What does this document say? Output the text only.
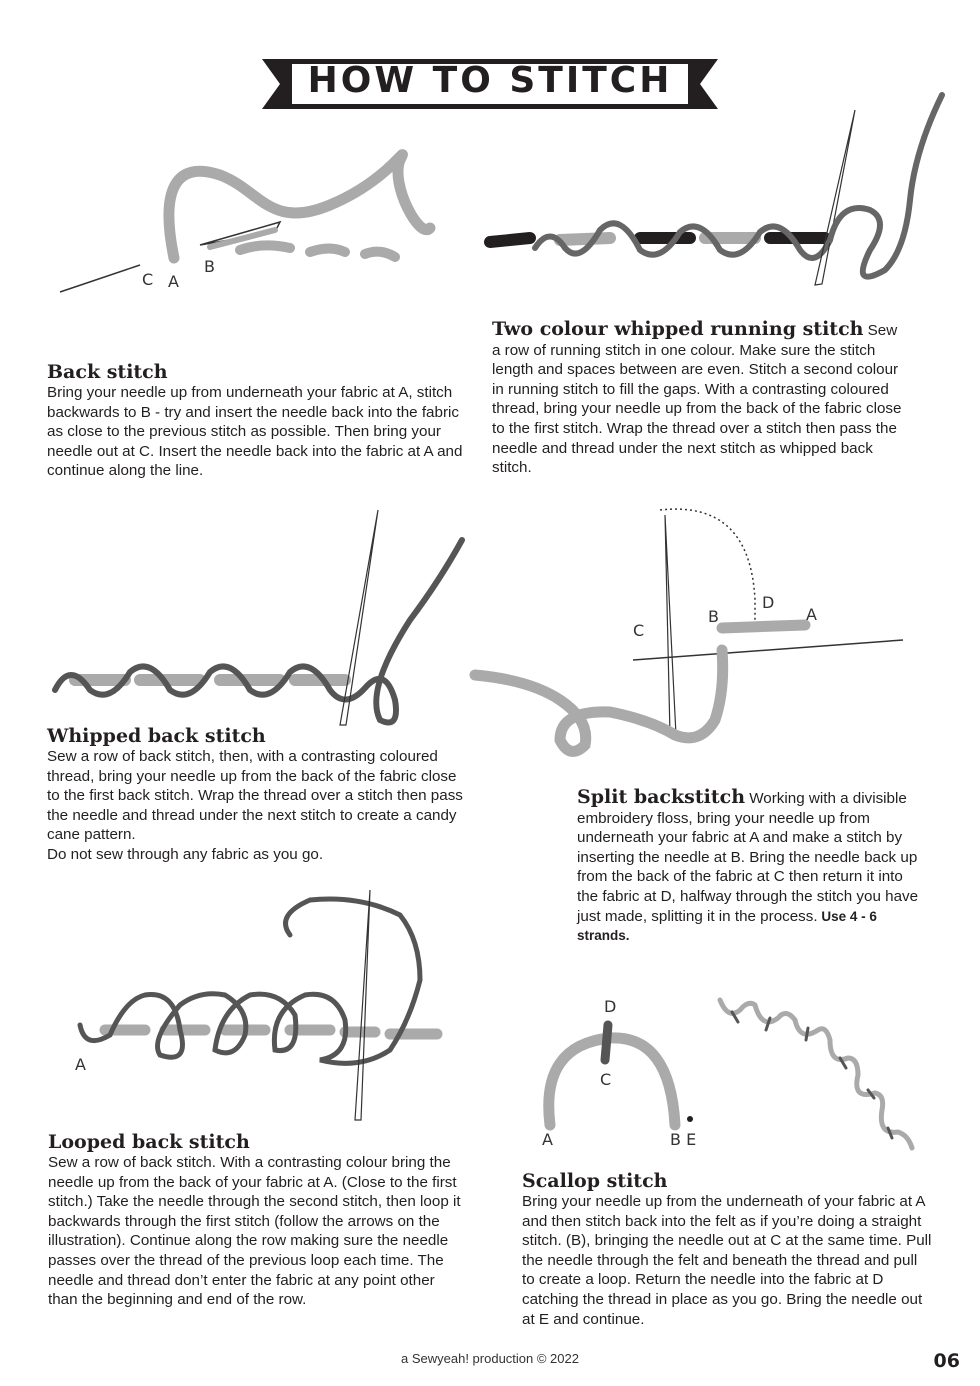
HOW TO STITCH
C A
B
C
B
D
A
A
D
C
A	B E
Back stitch
Bring your needle up from underneath your fabric at A, stitch backwards to B - try and insert the needle back into the fabric as close to the previous stitch as possible. Then bring your needle out at C. Insert the needle back into the fabric at A and continue along the line.
Two colour whipped running stitch Sew a row of running stitch in one colour. Make sure the stitch length and spaces between are even. Stitch a second colour in running stitch to fill the gaps. With a contrasting coloured thread, bring your needle up from the back of the fabric close to the first stitch. Wrap the thread over a stitch then pass the needle and thread under the next stitch as whipped back stitch.
Whipped back stitch
Sew a row of back stitch, then, with a contrasting coloured thread, bring your needle up from the back of the fabric close to the first back stitch. Wrap the thread over a stitch then pass the needle and thread under the next stitch to create a candy cane pattern.
Do not sew through any fabric as you go.
Split backstitch Working with a divisible embroidery floss, bring your needle up from underneath your fabric at A and make a stitch by inserting the needle at B. Bring the needle back up from the back of the fabric at C then return it into the fabric at D, halfway through the stitch you have just made, splitting it in the process. Use 4 - 6 strands.
Looped back stitch
Sew a row of back stitch. With a contrasting colour bring the needle up from the back of your fabric at A. (Close to the first stitch.) Take the needle through the second stitch, then loop it backwards through the first stitch (follow the arrows on the illustration). Continue along the row making sure the needle passes over the thread of the previous loop each time. The needle and thread don’t enter the fabric at any point other than the beginning and end of the row.
Scallop stitch
Bring your needle up from the underneath of your fabric at A and then stitch back into the felt as if you’re doing a straight stitch. (B), bringing the needle out at C at the same time. Pull the needle through the felt and beneath the thread and pull to create a loop. Return the needle into the fabric at D catching the thread in place as you go. Bring the needle out at E and continue.
a Sewyeah! production © 2022	06
